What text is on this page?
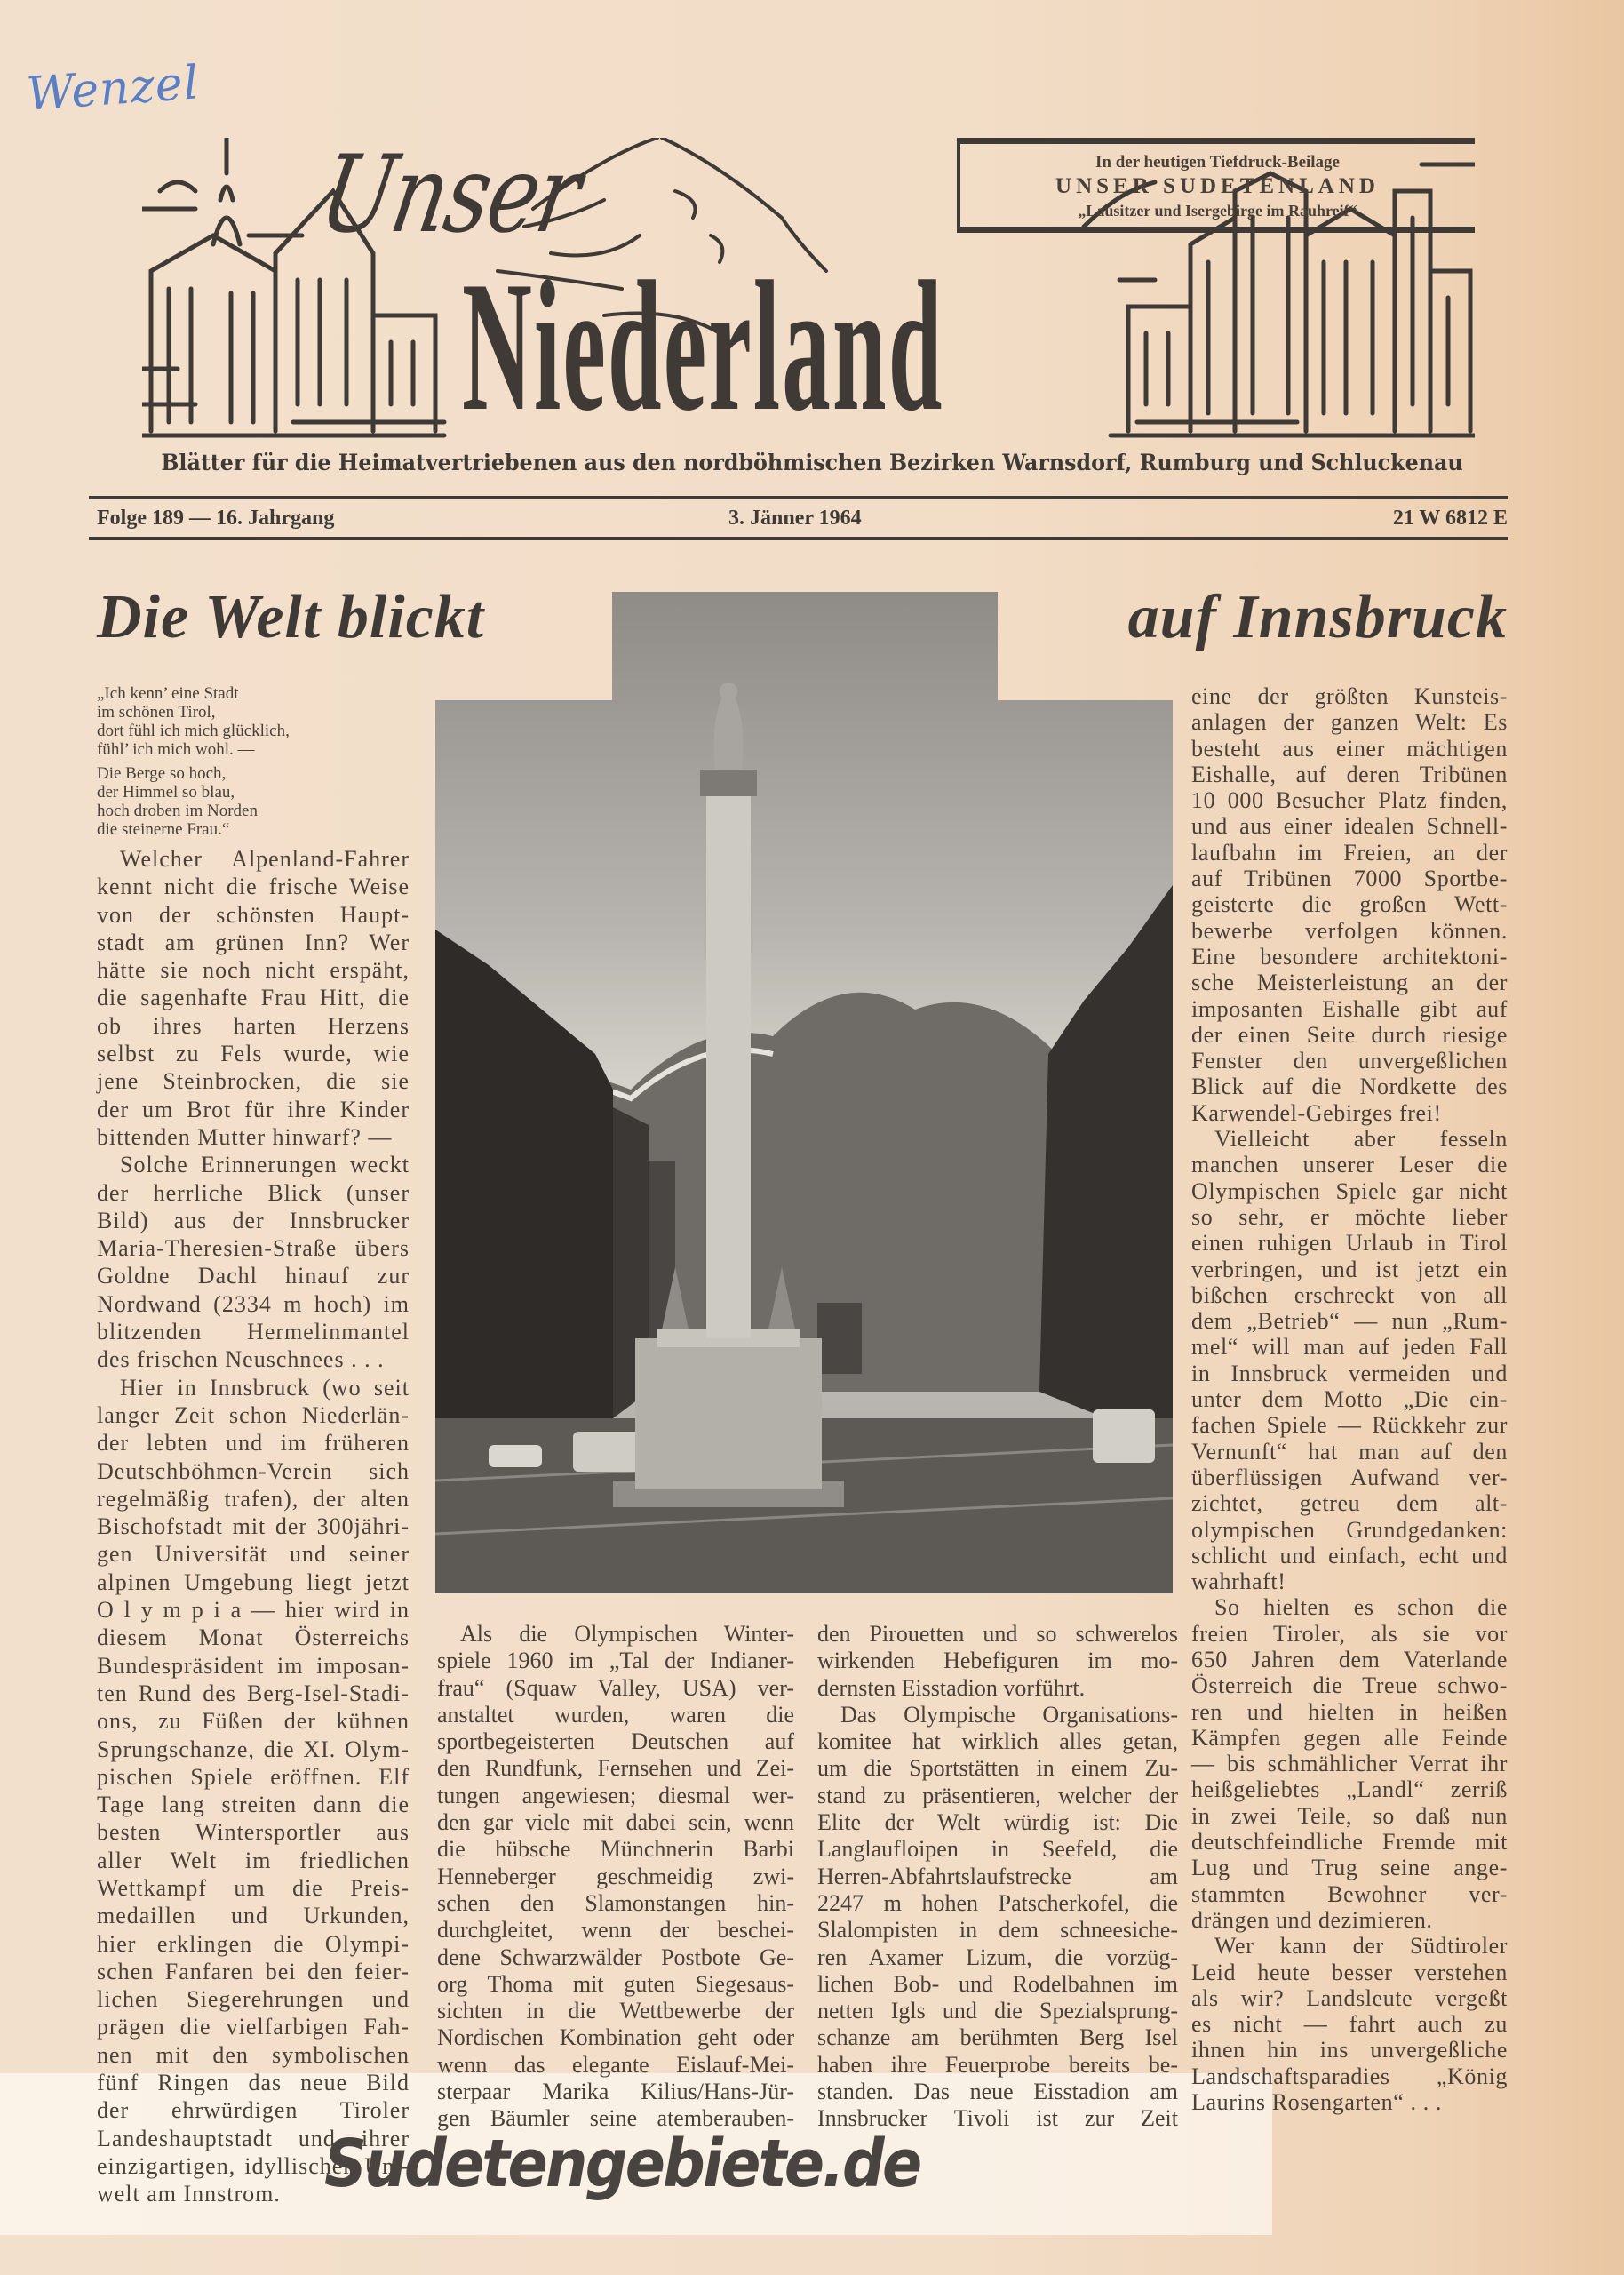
Wenzel
Unser
Niederland
In der heutigen Tiefdruck-Beilage
UNSER SUDETENLAND
„Lausitzer und Isergebirge im Rauhreif“
Blätter für die Heimatvertriebenen aus den nordböhmischen Bezirken Warnsdorf, Rumburg und Schluckenau
Folge 189 — 16. Jahrgang	3. Jänner 1964	21 W 6812 E
Die Welt blickt	auf Innsbruck
„Ich kenn’ eine Stadt
im schönen Tirol,
dort fühl ich mich glücklich,
fühl’ ich mich wohl. —
Die Berge so hoch,
der Himmel so blau,
hoch droben im Norden
die steinerne Frau.“
Welcher Alpenland-Fahrer
kennt nicht die frische Weise
von der schönsten Haupt-
stadt am grünen Inn? Wer
hätte sie noch nicht erspäht,
die sagenhafte Frau Hitt, die
ob ihres harten Herzens
selbst zu Fels wurde, wie
jene Steinbrocken, die sie
der um Brot für ihre Kinder
bittenden Mutter hinwarf? —
Solche Erinnerungen weckt
der herrliche Blick (unser
Bild) aus der Innsbrucker
Maria-Theresien-Straße übers
Goldne Dachl hinauf zur
Nordwand (2334 m hoch) im
blitzenden Hermelinmantel
des frischen Neuschnees . . .
Hier in Innsbruck (wo seit
langer Zeit schon Niederlän-
der lebten und im früheren
Deutschböhmen-Verein sich
regelmäßig trafen), der alten
Bischofstadt mit der 300jähri-
gen Universität und seiner
alpinen Umgebung liegt jetzt
O l y m p i a — hier wird in
diesem Monat Österreichs
Bundespräsident im imposan-
ten Rund des Berg-Isel-Stadi-
ons, zu Füßen der kühnen
Sprungschanze, die XI. Olym-
pischen Spiele eröffnen. Elf
Tage lang streiten dann die
besten Wintersportler aus
aller Welt im friedlichen
Wettkampf um die Preis-
medaillen und Urkunden,
hier erklingen die Olympi-
schen Fanfaren bei den feier-
lichen Siegerehrungen und
prägen die vielfarbigen Fah-
nen mit den symbolischen
fünf Ringen das neue Bild
der ehrwürdigen Tiroler
Landeshauptstadt und ihrer
einzigartigen, idyllischen Um-
welt am Innstrom.
Als die Olympischen Winter-
spiele 1960 im „Tal der Indianer-
frau“ (Squaw Valley, USA) ver-
anstaltet wurden, waren die
sportbegeisterten Deutschen auf
den Rundfunk, Fernsehen und Zei-
tungen angewiesen; diesmal wer-
den gar viele mit dabei sein, wenn
die hübsche Münchnerin Barbi
Henneberger geschmeidig zwi-
schen den Slamonstangen hin-
durchgleitet, wenn der beschei-
dene Schwarzwälder Postbote Ge-
org Thoma mit guten Siegesaus-
sichten in die Wettbewerbe der
Nordischen Kombination geht oder
wenn das elegante Eislauf-Mei-
sterpaar Marika Kilius/Hans-Jür-
gen Bäumler seine atemberauben-
den Pirouetten und so schwerelos
wirkenden Hebefiguren im mo-
dernsten Eisstadion vorführt.
Das Olympische Organisations-
komitee hat wirklich alles getan,
um die Sportstätten in einem Zu-
stand zu präsentieren, welcher der
Elite der Welt würdig ist: Die
Langlaufloipen in Seefeld, die
Herren-Abfahrtslaufstrecke am
2247 m hohen Patscherkofel, die
Slalompisten in dem schneesiche-
ren Axamer Lizum, die vorzüg-
lichen Bob- und Rodelbahnen im
netten Igls und die Spezialsprung-
schanze am berühmten Berg Isel
haben ihre Feuerprobe bereits be-
standen. Das neue Eisstadion am
Innsbrucker Tivoli ist zur Zeit
eine der größten Kunsteis-
anlagen der ganzen Welt: Es
besteht aus einer mächtigen
Eishalle, auf deren Tribünen
10 000 Besucher Platz finden,
und aus einer idealen Schnell-
laufbahn im Freien, an der
auf Tribünen 7000 Sportbe-
geisterte die großen Wett-
bewerbe verfolgen können.
Eine besondere architektoni-
sche Meisterleistung an der
imposanten Eishalle gibt auf
der einen Seite durch riesige
Fenster den unvergeßlichen
Blick auf die Nordkette des
Karwendel-Gebirges frei!
Vielleicht aber fesseln
manchen unserer Leser die
Olympischen Spiele gar nicht
so sehr, er möchte lieber
einen ruhigen Urlaub in Tirol
verbringen, und ist jetzt ein
bißchen erschreckt von all
dem „Betrieb“ — nun „Rum-
mel“ will man auf jeden Fall
in Innsbruck vermeiden und
unter dem Motto „Die ein-
fachen Spiele — Rückkehr zur
Vernunft“ hat man auf den
überflüssigen Aufwand ver-
zichtet, getreu dem alt-
olympischen Grundgedanken:
schlicht und einfach, echt und
wahrhaft!
So hielten es schon die
freien Tiroler, als sie vor
650 Jahren dem Vaterlande
Österreich die Treue schwo-
ren und hielten in heißen
Kämpfen gegen alle Feinde
— bis schmählicher Verrat ihr
heißgeliebtes „Landl“ zerriß
in zwei Teile, so daß nun
deutschfeindliche Fremde mit
Lug und Trug seine ange-
stammten Bewohner ver-
drängen und dezimieren.
Wer kann der Südtiroler
Leid heute besser verstehen
als wir? Landsleute vergeßt
es nicht — fahrt auch zu
ihnen hin ins unvergeßliche
Landschaftsparadies „König
Laurins Rosengarten“ . . .
Sudetengebiete.de
